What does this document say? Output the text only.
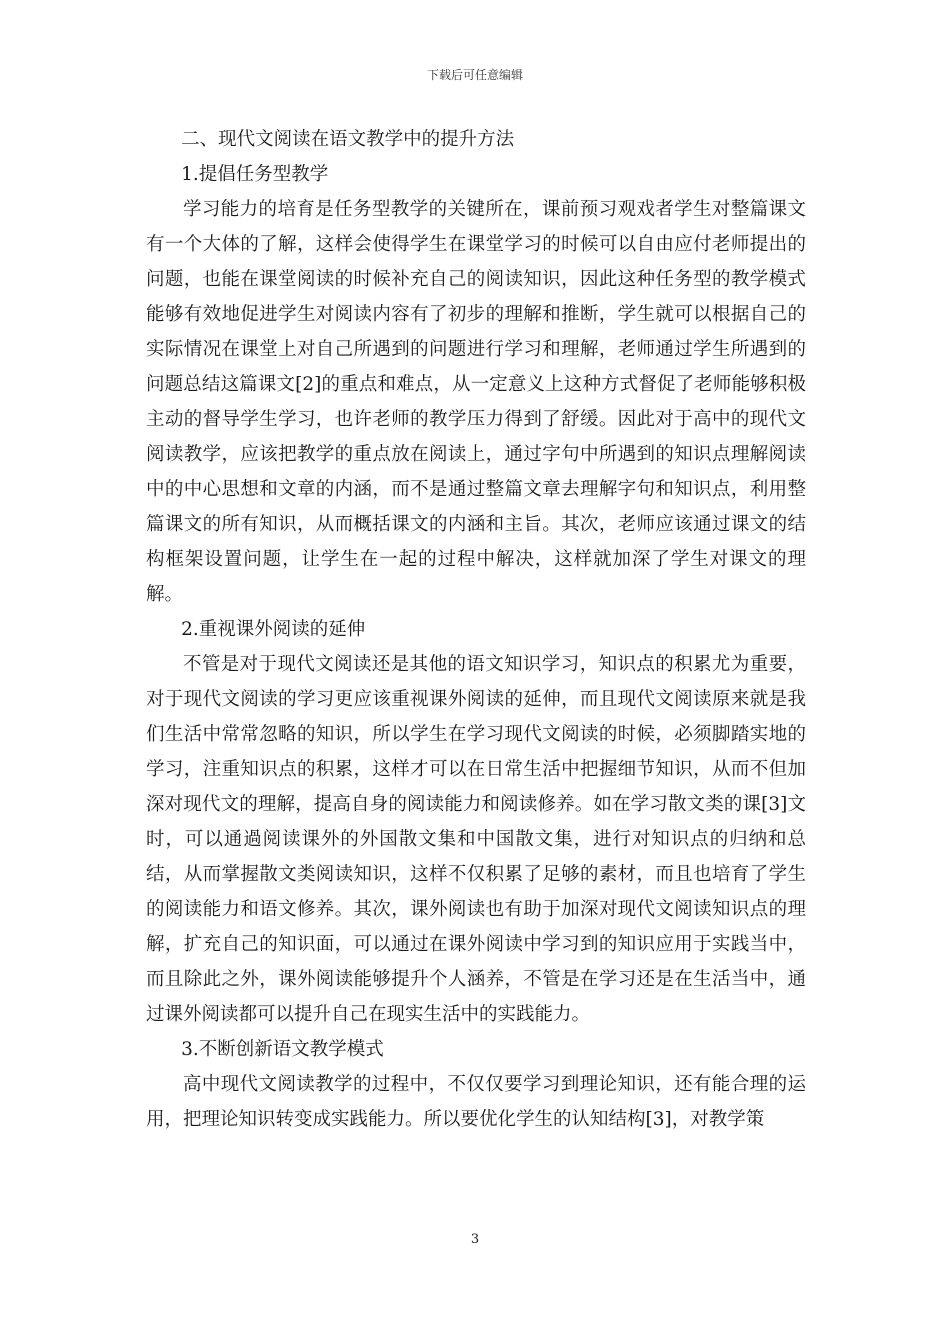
下载后可任意编辑

二、现代文阅读在语文教学中的提升方法

1.提倡任务型教学

学习能力的培育是任务型教学的关键所在，课前预习观戏者学生对整篇课文有一个大体的了解，这样会使得学生在课堂学习的时候可以自由应付老师提出的问题，也能在课堂阅读的时候补充自己的阅读知识，因此这种任务型的教学模式能够有效地促进学生对阅读内容有了初步的理解和推断，学生就可以根据自己的实际情况在课堂上对自己所遇到的问题进行学习和理解，老师通过学生所遇到的问题总结这篇课文[2]的重点和难点，从一定意义上这种方式督促了老师能够积极主动的督导学生学习，也许老师的教学压力得到了舒缓。因此对于高中的现代文阅读教学，应该把教学的重点放在阅读上，通过字句中所遇到的知识点理解阅读中的中心思想和文章的内涵，而不是通过整篇文章去理解字句和知识点，利用整篇课文的所有知识，从而概括课文的内涵和主旨。其次，老师应该通过课文的结构框架设置问题，让学生在一起的过程中解决，这样就加深了学生对课文的理解。

2.重视课外阅读的延伸

不管是对于现代文阅读还是其他的语文知识学习，知识点的积累尤为重要，对于现代文阅读的学习更应该重视课外阅读的延伸，而且现代文阅读原来就是我们生活中常常忽略的知识，所以学生在学习现代文阅读的时候，必须脚踏实地的学习，注重知识点的积累，这样才可以在日常生活中把握细节知识，从而不但加深对现代文的理解，提高自身的阅读能力和阅读修养。如在学习散文类的课[3]文时，可以通過阅读课外的外国散文集和中国散文集，进行对知识点的归纳和总结，从而掌握散文类阅读知识，这样不仅积累了足够的素材，而且也培育了学生的阅读能力和语文修养。其次，课外阅读也有助于加深对现代文阅读知识点的理解，扩充自己的知识面，可以通过在课外阅读中学习到的知识应用于实践当中，而且除此之外，课外阅读能够提升个人涵养，不管是在学习还是在生活当中，通过课外阅读都可以提升自己在现实生活中的实践能力。

3.不断创新语文教学模式

高中现代文阅读教学的过程中，不仅仅要学习到理论知识，还有能合理的运用，把理论知识转变成实践能力。所以要优化学生的认知结构[3]，对教学策

3
